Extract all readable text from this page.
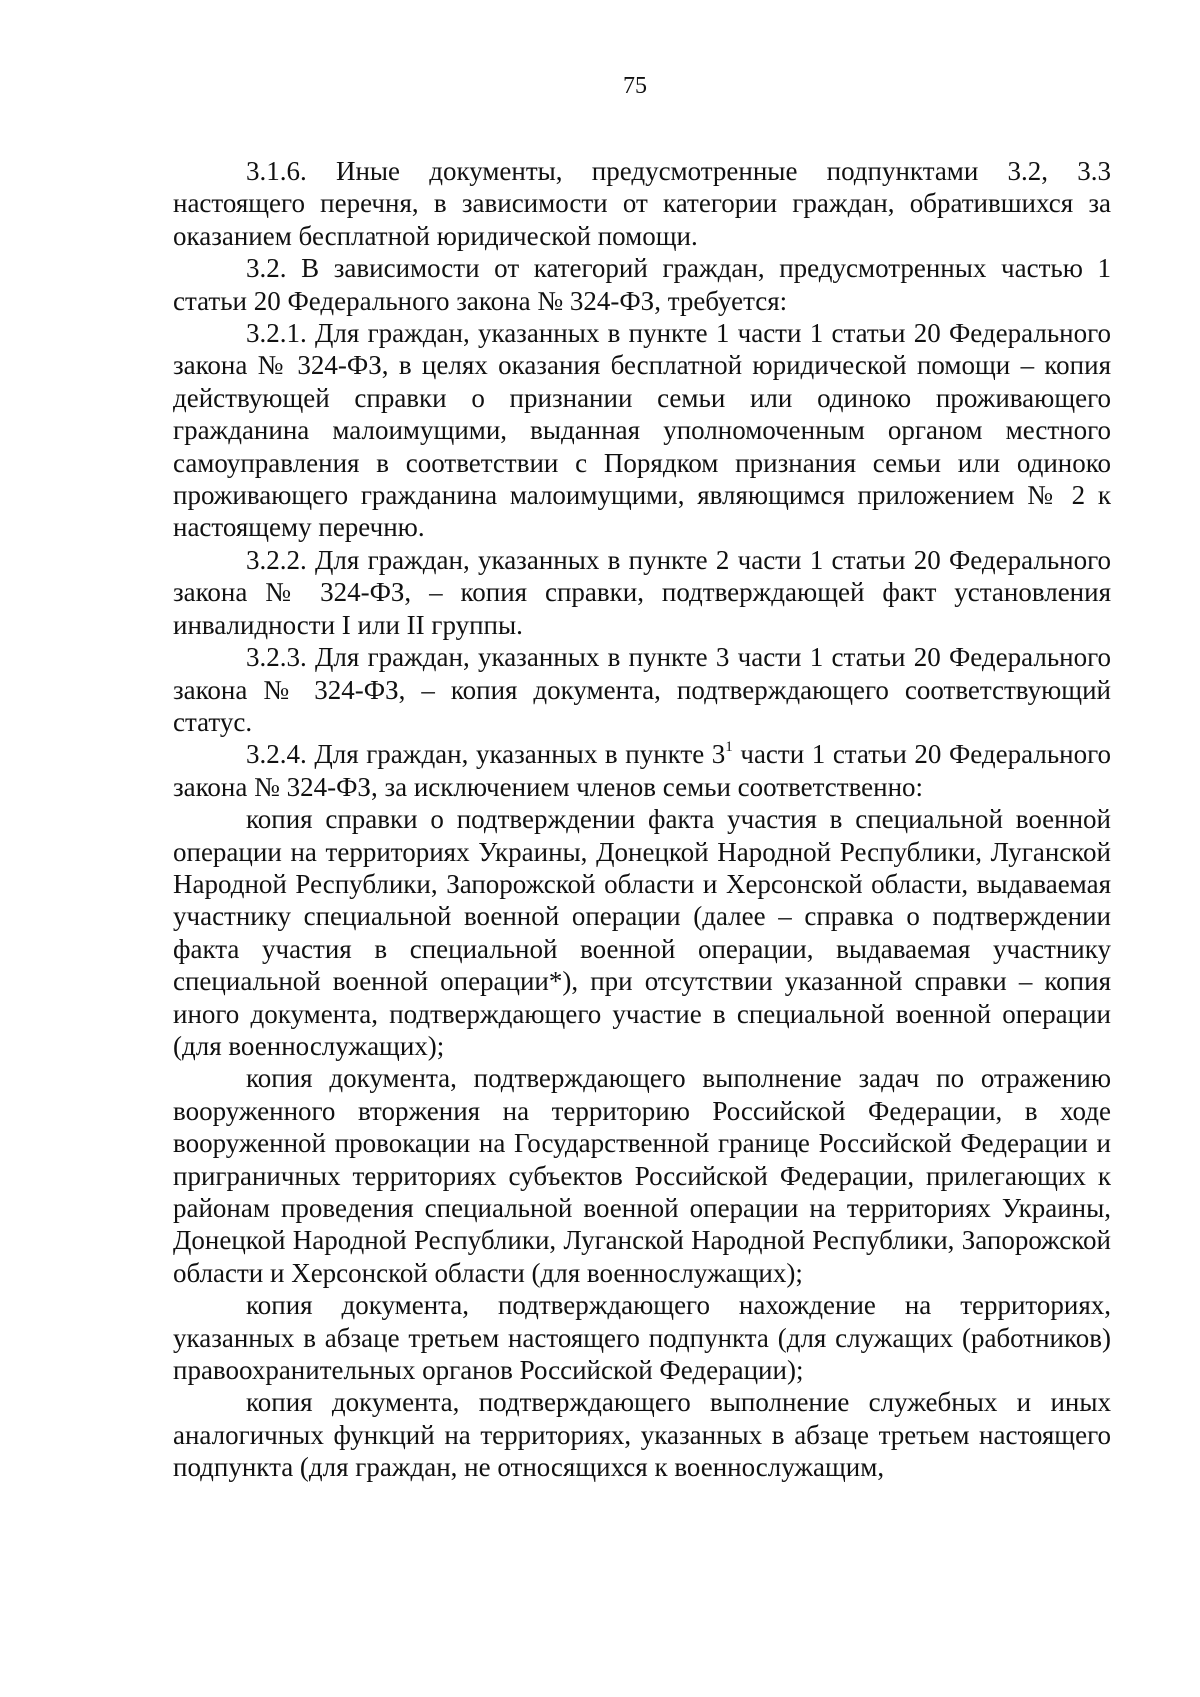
75

3.1.6. Иные документы, предусмотренные подпунктами 3.2, 3.3 настоящего перечня, в зависимости от категории граждан, обратившихся за оказанием бесплатной юридической помощи.

3.2. В зависимости от категорий граждан, предусмотренных частью 1 статьи 20 Федерального закона № 324-ФЗ, требуется:

3.2.1. Для граждан, указанных в пункте 1 части 1 статьи 20 Федерального закона № 324-ФЗ, в целях оказания бесплатной юридической помощи – копия действующей справки о признании семьи или одиноко проживающего гражданина малоимущими, выданная уполномоченным органом местного самоуправления в соответствии с Порядком признания семьи или одиноко проживающего гражданина малоимущими, являющимся приложением № 2 к настоящему перечню.

3.2.2. Для граждан, указанных в пункте 2 части 1 статьи 20 Федерального закона № 324-ФЗ, – копия справки, подтверждающей факт установления инвалидности I или II группы.

3.2.3. Для граждан, указанных в пункте 3 части 1 статьи 20 Федерального закона № 324-ФЗ, – копия документа, подтверждающего соответствующий статус.

3.2.4. Для граждан, указанных в пункте $3^1$ части 1 статьи 20 Федерального закона № 324-ФЗ, за исключением членов семьи соответственно:

копия справки о подтверждении факта участия в специальной военной операции на территориях Украины, Донецкой Народной Республики, Луганской Народной Республики, Запорожской области и Херсонской области, выдаваемая участнику специальной военной операции (далее – справка о подтверждении факта участия в специальной военной операции, выдаваемая участнику специальной военной операции*), при отсутствии указанной справки – копия иного документа, подтверждающего участие в специальной военной операции (для военнослужащих);

копия документа, подтверждающего выполнение задач по отражению вооруженного вторжения на территорию Российской Федерации, в ходе вооруженной провокации на Государственной границе Российской Федерации и приграничных территориях субъектов Российской Федерации, прилегающих к районам проведения специальной военной операции на территориях Украины, Донецкой Народной Республики, Луганской Народной Республики, Запорожской области и Херсонской области (для военнослужащих);

копия документа, подтверждающего нахождение на территориях, указанных в абзаце третьем настоящего подпункта (для служащих (работников) правоохранительных органов Российской Федерации);

копия документа, подтверждающего выполнение служебных и иных аналогичных функций на территориях, указанных в абзаце третьем настоящего подпункта (для граждан, не относящихся к военнослужащим,
